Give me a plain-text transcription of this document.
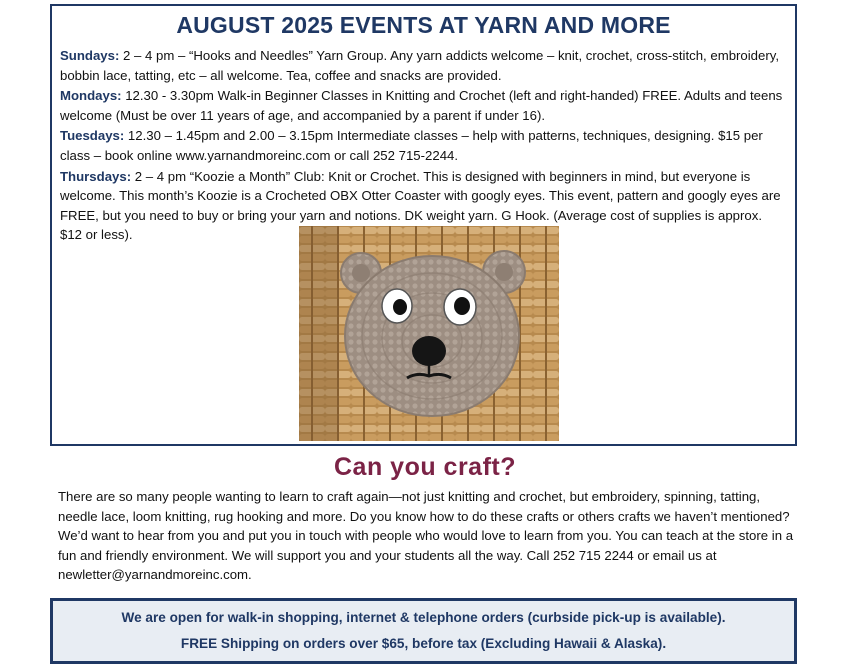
AUGUST 2025 EVENTS AT YARN AND MORE

Sundays: 2 – 4 pm – “Hooks and Needles” Yarn Group. Any yarn addicts welcome – knit, crochet, cross-stitch, embroidery, bobbin lace, tatting, etc – all welcome. Tea, coffee and snacks are provided.

Mondays: 12.30 - 3.30pm Walk-in Beginner Classes in Knitting and Crochet (left and right-handed) FREE. Adults and teens welcome (Must be over 11 years of age, and accompanied by a parent if under 16).

Tuesdays: 12.30 – 1.45pm and 2.00 – 3.15pm Intermediate classes – help with patterns, techniques, designing. $15 per class – book online www.yarnandmoreinc.com or call 252 715-2244.

Thursdays: 2 – 4 pm “Koozie a Month” Club: Knit or Crochet. This is designed with beginners in mind, but everyone is welcome. This month’s Koozie is a Crocheted OBX Otter Coaster with googly eyes. This event, pattern and googly eyes are FREE, but you need to buy or bring your yarn and notions. DK weight yarn. G Hook. (Average cost of supplies is approx. $12 or less).

Can you craft?

There are so many people wanting to learn to craft again—not just knitting and crochet, but embroidery, spinning, tatting, needle lace, loom knitting, rug hooking and more. Do you know how to do these crafts or others crafts we haven’t mentioned? We’d want to hear from you and put you in touch with people who would love to learn from you. You can teach at the store in a fun and friendly environment. We will support you and your students all the way. Call 252 715 2244 or email us at newletter@yarnandmoreinc.com.

We are open for walk-in shopping, internet & telephone orders (curbside pick-up is available).
FREE Shipping on orders over $65, before tax (Excluding Hawaii & Alaska).
